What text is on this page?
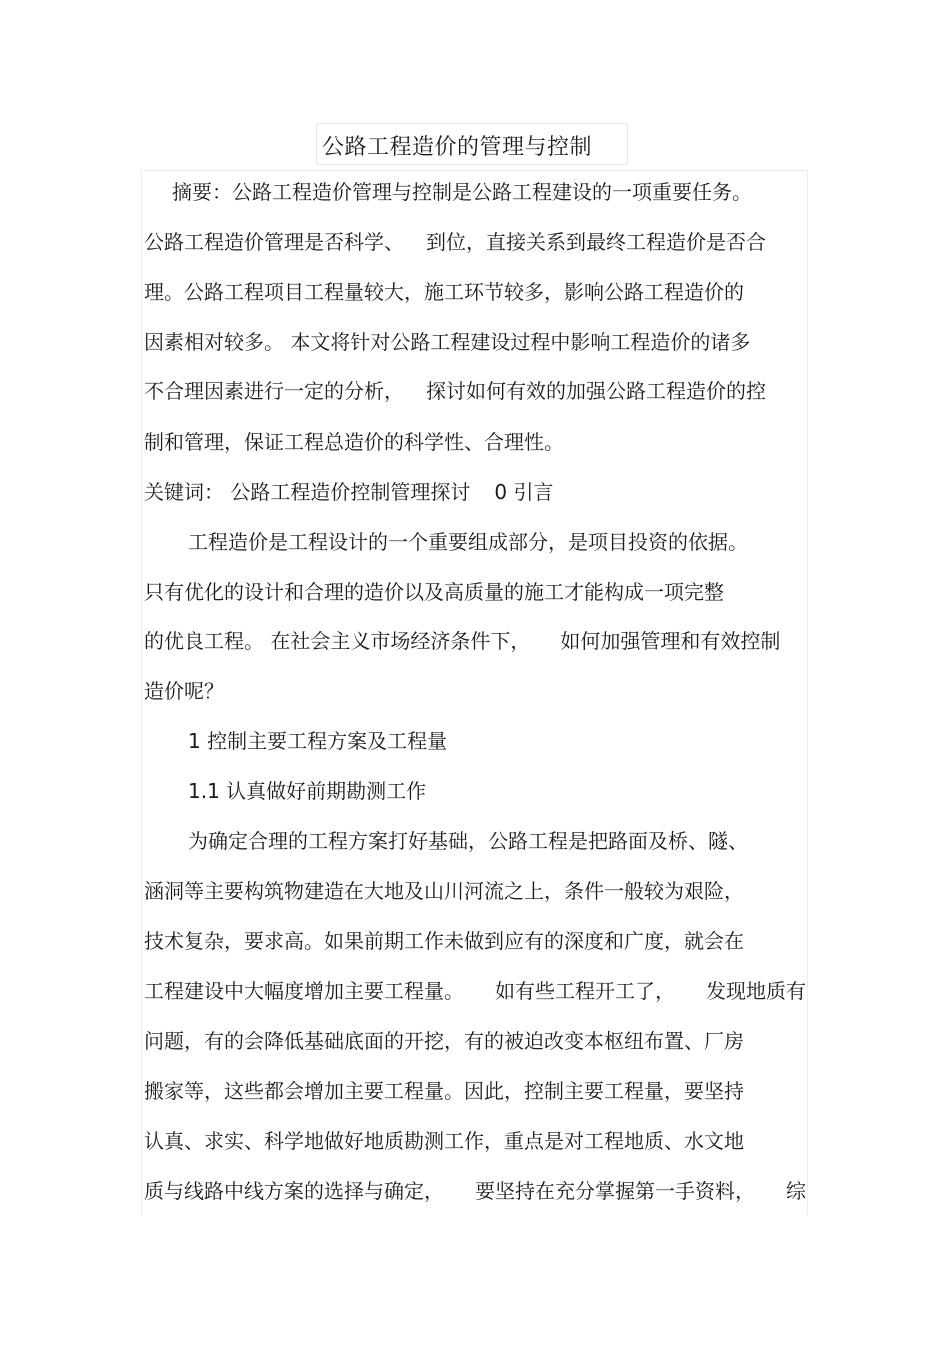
公路工程造价的管理与控制
摘要：公路工程造价管理与控制是公路工程建设的一项重要任务。
公路工程造价管理是否科学、 到位，直接关系到最终工程造价是否合
理。公路工程项目工程量较大，施工环节较多，影响公路工程造价的
因素相对较多。 本文将针对公路工程建设过程中影响工程造价的诸多
不合理因素进行一定的分析， 探讨如何有效的加强公路工程造价的控
制和管理，保证工程总造价的科学性、合理性。
关键词： 公路工程造价控制管理探讨 0 引言
工程造价是工程设计的一个重要组成部分，是项目投资的依据。
只有优化的设计和合理的造价以及高质量的施工才能构成一项完整
的优良工程。 在社会主义市场经济条件下， 如何加强管理和有效控制
造价呢？
1 控制主要工程方案及工程量
1.1 认真做好前期勘测工作
为确定合理的工程方案打好基础，公路工程是把路面及桥、隧、
涵洞等主要构筑物建造在大地及山川河流之上，条件一般较为艰险，
技术复杂，要求高。如果前期工作未做到应有的深度和广度，就会在
工程建设中大幅度增加主要工程量。 如有些工程开工了， 发现地质有
问题，有的会降低基础底面的开挖，有的被迫改变本枢纽布置、厂房
搬家等，这些都会增加主要工程量。因此，控制主要工程量，要坚持
认真、求实、科学地做好地质勘测工作，重点是对工程地质、水文地
质与线路中线方案的选择与确定， 要坚持在充分掌握第一手资料， 综
